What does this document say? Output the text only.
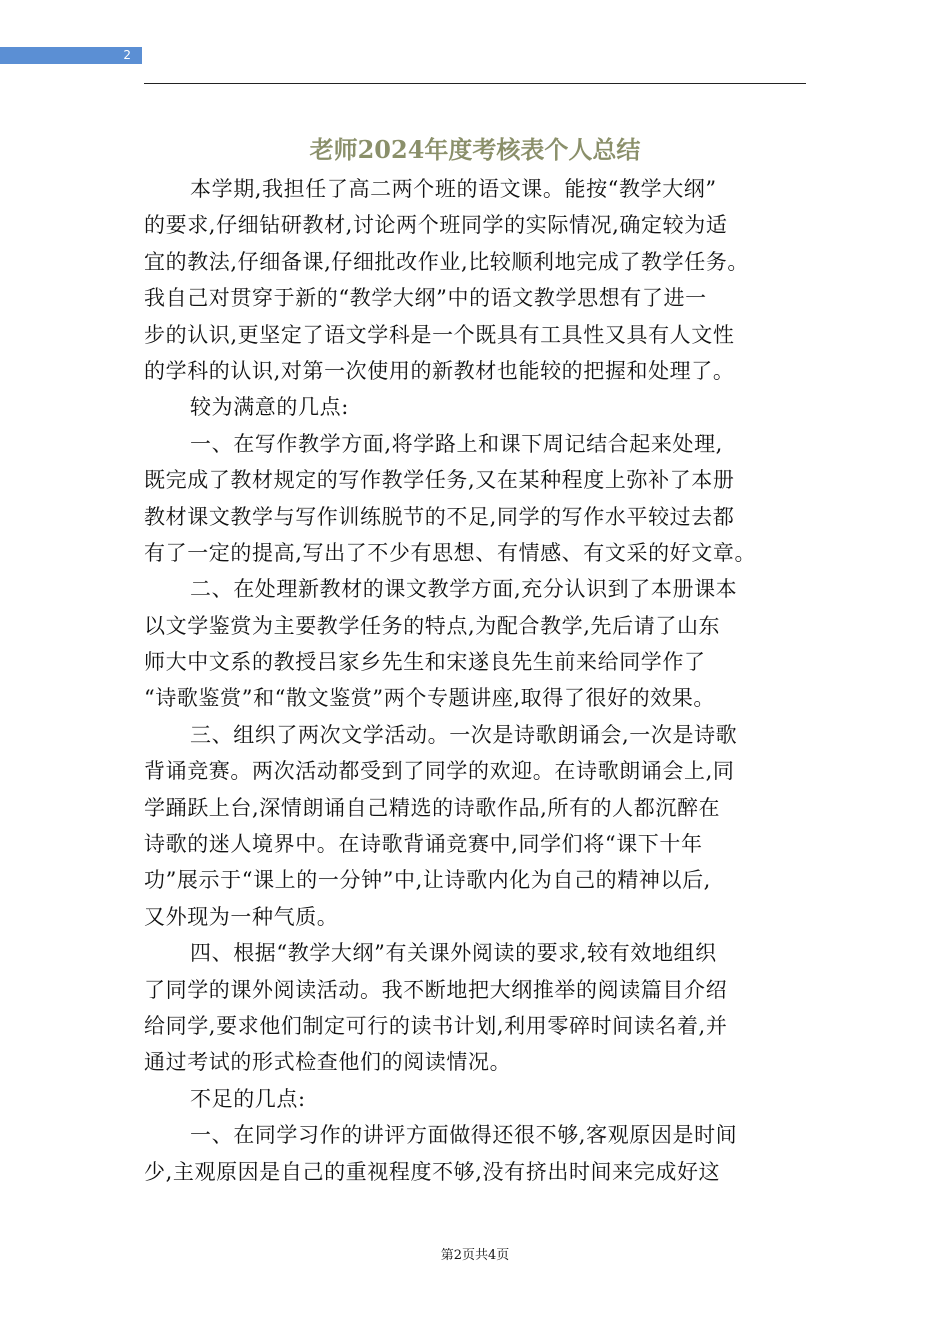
2
老师2024年度考核表个人总结
本学期,我担任了高二两个班的语文课。能按“教学大纲”
的要求,仔细钻研教材,讨论两个班同学的实际情况,确定较为适
宜的教法,仔细备课,仔细批改作业,比较顺利地完成了教学任务。
我自己对贯穿于新的“教学大纲”中的语文教学思想有了进一
步的认识,更坚定了语文学科是一个既具有工具性又具有人文性
的学科的认识,对第一次使用的新教材也能较的把握和处理了。
较为满意的几点:
一、在写作教学方面,将学路上和课下周记结合起来处理,
既完成了教材规定的写作教学任务,又在某种程度上弥补了本册
教材课文教学与写作训练脱节的不足,同学的写作水平较过去都
有了一定的提高,写出了不少有思想、有情感、有文采的好文章。
二、在处理新教材的课文教学方面,充分认识到了本册课本
以文学鉴赏为主要教学任务的特点,为配合教学,先后请了山东
师大中文系的教授吕家乡先生和宋遂良先生前来给同学作了
“诗歌鉴赏”和“散文鉴赏”两个专题讲座,取得了很好的效果。
三、组织了两次文学活动。一次是诗歌朗诵会,一次是诗歌
背诵竞赛。两次活动都受到了同学的欢迎。在诗歌朗诵会上,同
学踊跃上台,深情朗诵自己精选的诗歌作品,所有的人都沉醉在
诗歌的迷人境界中。在诗歌背诵竞赛中,同学们将“课下十年
功”展示于“课上的一分钟”中,让诗歌内化为自己的精神以后,
又外现为一种气质。
四、根据“教学大纲”有关课外阅读的要求,较有效地组织
了同学的课外阅读活动。我不断地把大纲推举的阅读篇目介绍
给同学,要求他们制定可行的读书计划,利用零碎时间读名着,并
通过考试的形式检查他们的阅读情况。
不足的几点:
一、在同学习作的讲评方面做得还很不够,客观原因是时间
少,主观原因是自己的重视程度不够,没有挤出时间来完成好这
第2页共4页
